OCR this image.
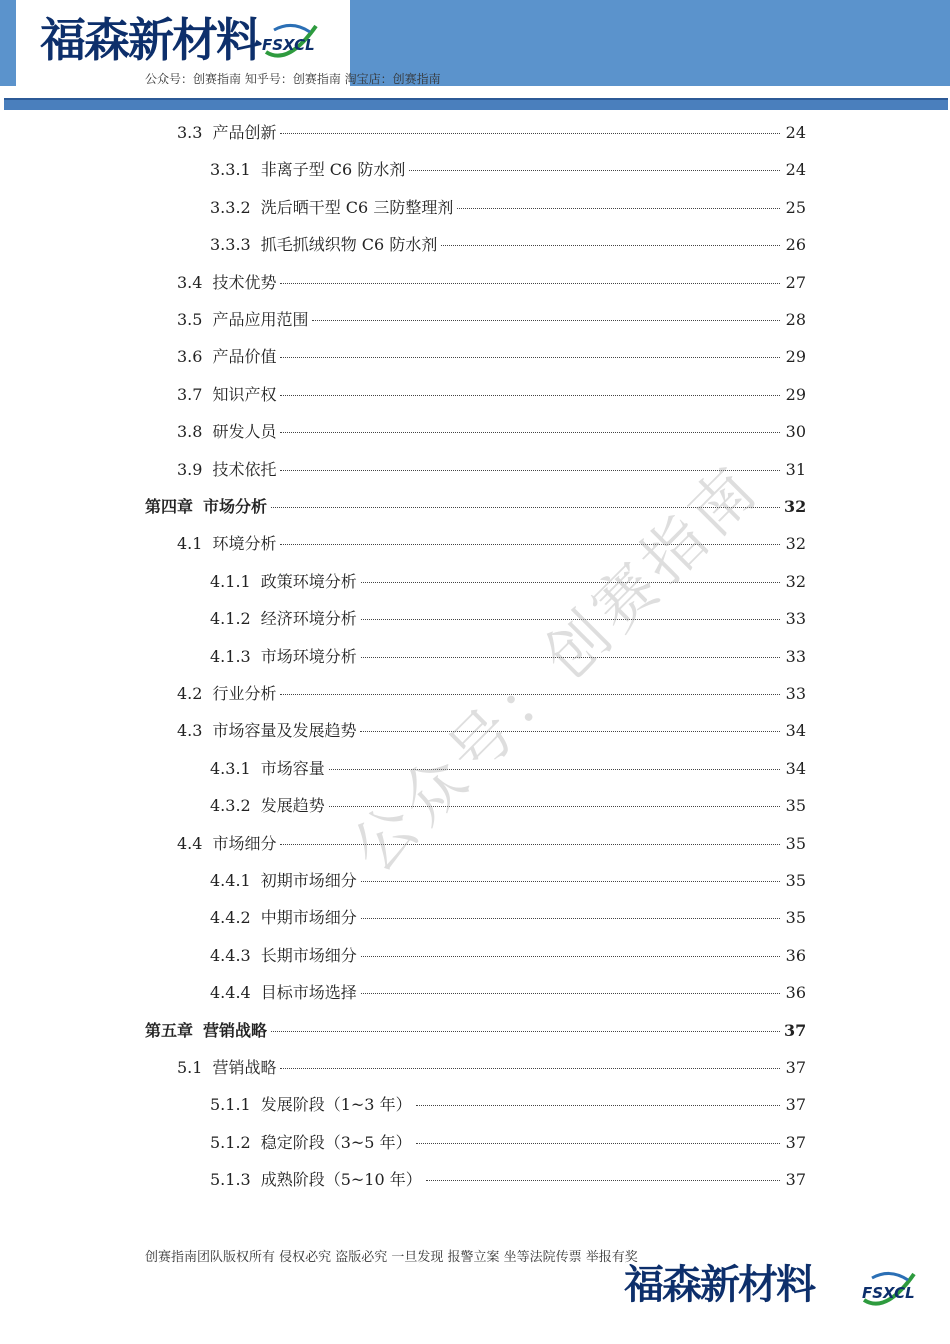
福森新材料 FSXCL
公众号：创赛指南 知乎号：创赛指南 淘宝店：创赛指南
3.3 产品创新	24
3.3.1 非离子型 C6 防水剂	24
3.3.2 洗后晒干型 C6 三防整理剂	25
3.3.3 抓毛抓绒织物 C6 防水剂	26
3.4 技术优势	27
3.5 产品应用范围	28
3.6 产品价值	29
3.7 知识产权	29
3.8 研发人员	30
3.9 技术依托	31
第四章 市场分析	32
4.1 环境分析	32
4.1.1 政策环境分析	32
4.1.2 经济环境分析	33
4.1.3 市场环境分析	33
4.2 行业分析	33
4.3 市场容量及发展趋势	34
4.3.1 市场容量	34
4.3.2 发展趋势	35
4.4 市场细分	35
4.4.1 初期市场细分	35
4.4.2 中期市场细分	35
4.4.3 长期市场细分	36
4.4.4 目标市场选择	36
第五章 营销战略	37
5.1 营销战略	37
5.1.1 发展阶段（1~3 年）	37
5.1.2 稳定阶段（3~5 年）	37
5.1.3 成熟阶段（5~10 年）	37
公众号：创赛指南
创赛指南团队版权所有 侵权必究 盗版必究 一旦发现 报警立案 坐等法院传票 举报有奖
福森新材料	FSXCL
